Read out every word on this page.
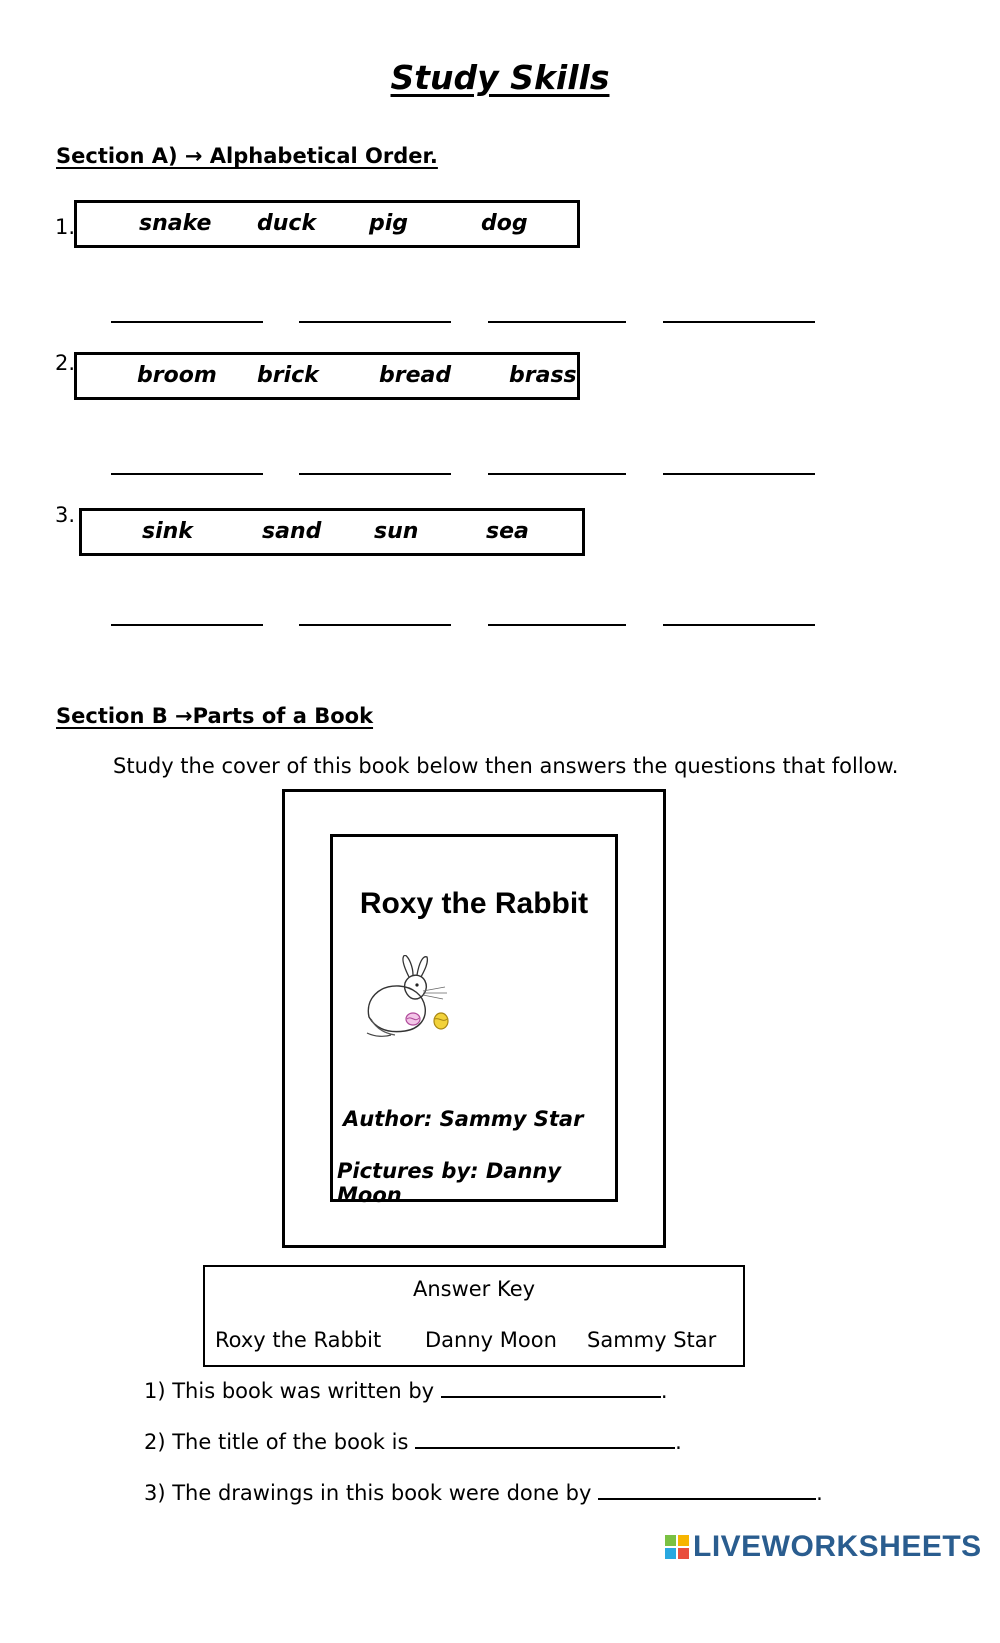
Study Skills
Section A) → Alphabetical Order.
1.	snake duck pig	dog
2.	broom brick	bread	brass
3.
sink	sand sun	sea
Section B →Parts of a Book
Study the cover of this book below then answers the questions that follow.
Roxy the Rabbit
Author: Sammy Star
Pictures by: Danny Moon
Answer Key
Roxy the Rabbit Danny Moon Sammy Star
1) This book was written by	.
2) The title of the book is	.
3) The drawings in this book were done by	.
LIVEWORKSHEETS
